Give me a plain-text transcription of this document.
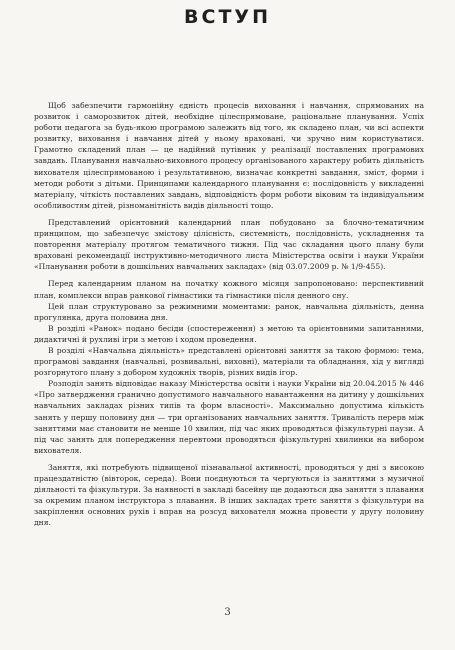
ВСТУП

Щоб забезпечити гармонійну єдність процесів виховання і навчання, спрямованих на розвиток і саморозвиток дітей, необхідне цілеспрямоване, раціональне планування. Успіх роботи педагога за будь-якою програмою залежить від того, як складено план, чи всі аспекти розвитку, виховання і навчання дітей у ньому враховані, чи зручно ним користуватися. Грамотно складений план — це надійний путівник у реалізації поставлених програмових завдань. Планування навчально-виховного процесу організованого характеру робить діяльність вихователя цілеспрямованою і результативною, визначає конкретні завдання, зміст, форми і методи роботи з дітьми. Принципами календарного планування є: послідовність у викладенні матеріалу, чіткість поставлених завдань, відповідність форм роботи віковим та індивідуальним особливостям дітей, різноманітність видів діяльності тощо.

Представлений орієнтовний календарний план побудовано за блочно-тематичним принципом, що забезпечує змістову цілісність, системність, послідовність, ускладнення та повторення матеріалу протягом тематичного тижня. Під час складання цього плану були враховані рекомендації інструктивно-методичного листа Міністерства освіти і науки України «Планування роботи в дошкільних навчальних закладах» (від 03.07.2009 р. № 1/9-455).

Перед календарним планом на початку кожного місяця запропоновано: перспективний план, комплекси вправ ранкової гімнастики та гімнастики після денного сну.

Цей план структуровано за режимними моментами: ранок, навчальна діяльність, денна прогулянка, друга половина дня.

В розділі «Ранок» подано бесіди (спостереження) з метою та орієнтовними запитаннями, дидактичні й рухливі ігри з метою і ходом проведення.

В розділі «Навчальна діяльність» представлені орієнтовні заняття за такою формою: тема, програмові завдання (навчальні, розвивальні, виховні), матеріали та обладнання, хід у вигляді розгорнутого плану з добором художніх творів, різних видів ігор.

Розподіл занять відповідає наказу Міністерства освіти і науки України від 20.04.2015 № 446 «Про затвердження гранично допустимого навчального навантаження на дитину у дошкільних навчальних закладах різних типів та форм власності». Максимально допустима кількість занять у першу половину дня — три організованих навчальних заняття. Тривалість перерв між заняттями має становити не менше 10 хвилин, під час яких проводяться фізкультурні паузи. А під час занять для попередження перевтоми проводяться фізкультурні хвилинки на вибором вихователя.

Заняття, які потребують підвищеної пізнавальної активності, проводяться у дні з високою працездатністю (вівторок, середа). Вони поєднуються та чергуються із заняттями з музичної діяльності та фізкультури. За наявності в закладі басейну ще додаються два заняття з плавання за окремим планом інструктора з плавання. В інших закладах третє заняття з фізкультури на закріплення основних рухів і вправ на розсуд вихователя можна провести у другу половину дня.

3
